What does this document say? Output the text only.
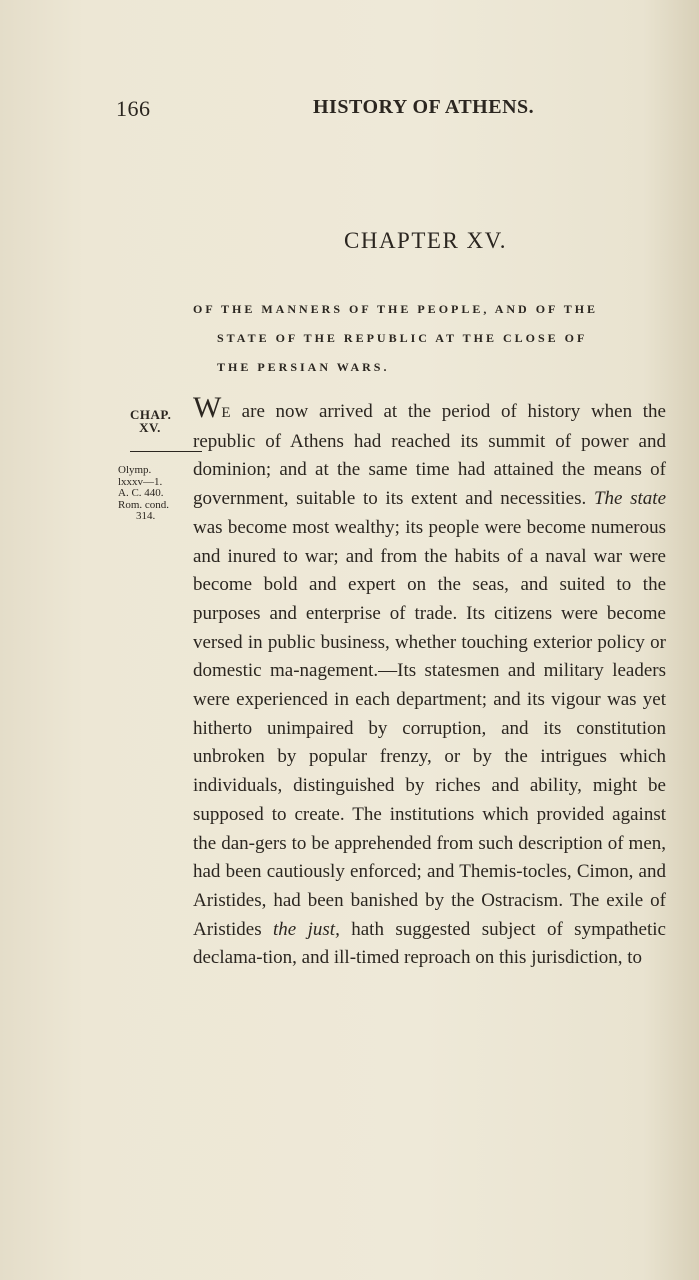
166	HISTORY OF ATHENS.
CHAPTER XV.
OF THE MANNERS OF THE PEOPLE, AND OF THE
STATE OF THE REPUBLIC AT THE CLOSE OF
THE PERSIAN WARS.
CHAP.
XV.
Olymp.
lxxxv—1.
A. C. 440.
Rom. cond.
314.
WE are now arrived at the period of history when the republic of Athens had reached its summit of power and dominion; and at the same time had attained the means of government, suitable to its extent and necessities. The state was become most wealthy; its people were become numerous and inured to war; and from the habits of a naval war were become bold and expert on the seas, and suited to the purposes and enterprise of trade. Its citizens were become versed in public business, whether touching exterior policy or domestic ma-nagement.—Its statesmen and military leaders were experienced in each department; and its vigour was yet hitherto unimpaired by corruption, and its constitution unbroken by popular frenzy, or by the intrigues which individuals, distinguished by riches and ability, might be supposed to create. The institutions which provided against the dan-gers to be apprehended from such description of men, had been cautiously enforced; and Themis-tocles, Cimon, and Aristides, had been banished by the Ostracism. The exile of Aristides the just, hath suggested subject of sympathetic declama-tion, and ill-timed reproach on this jurisdiction, to
